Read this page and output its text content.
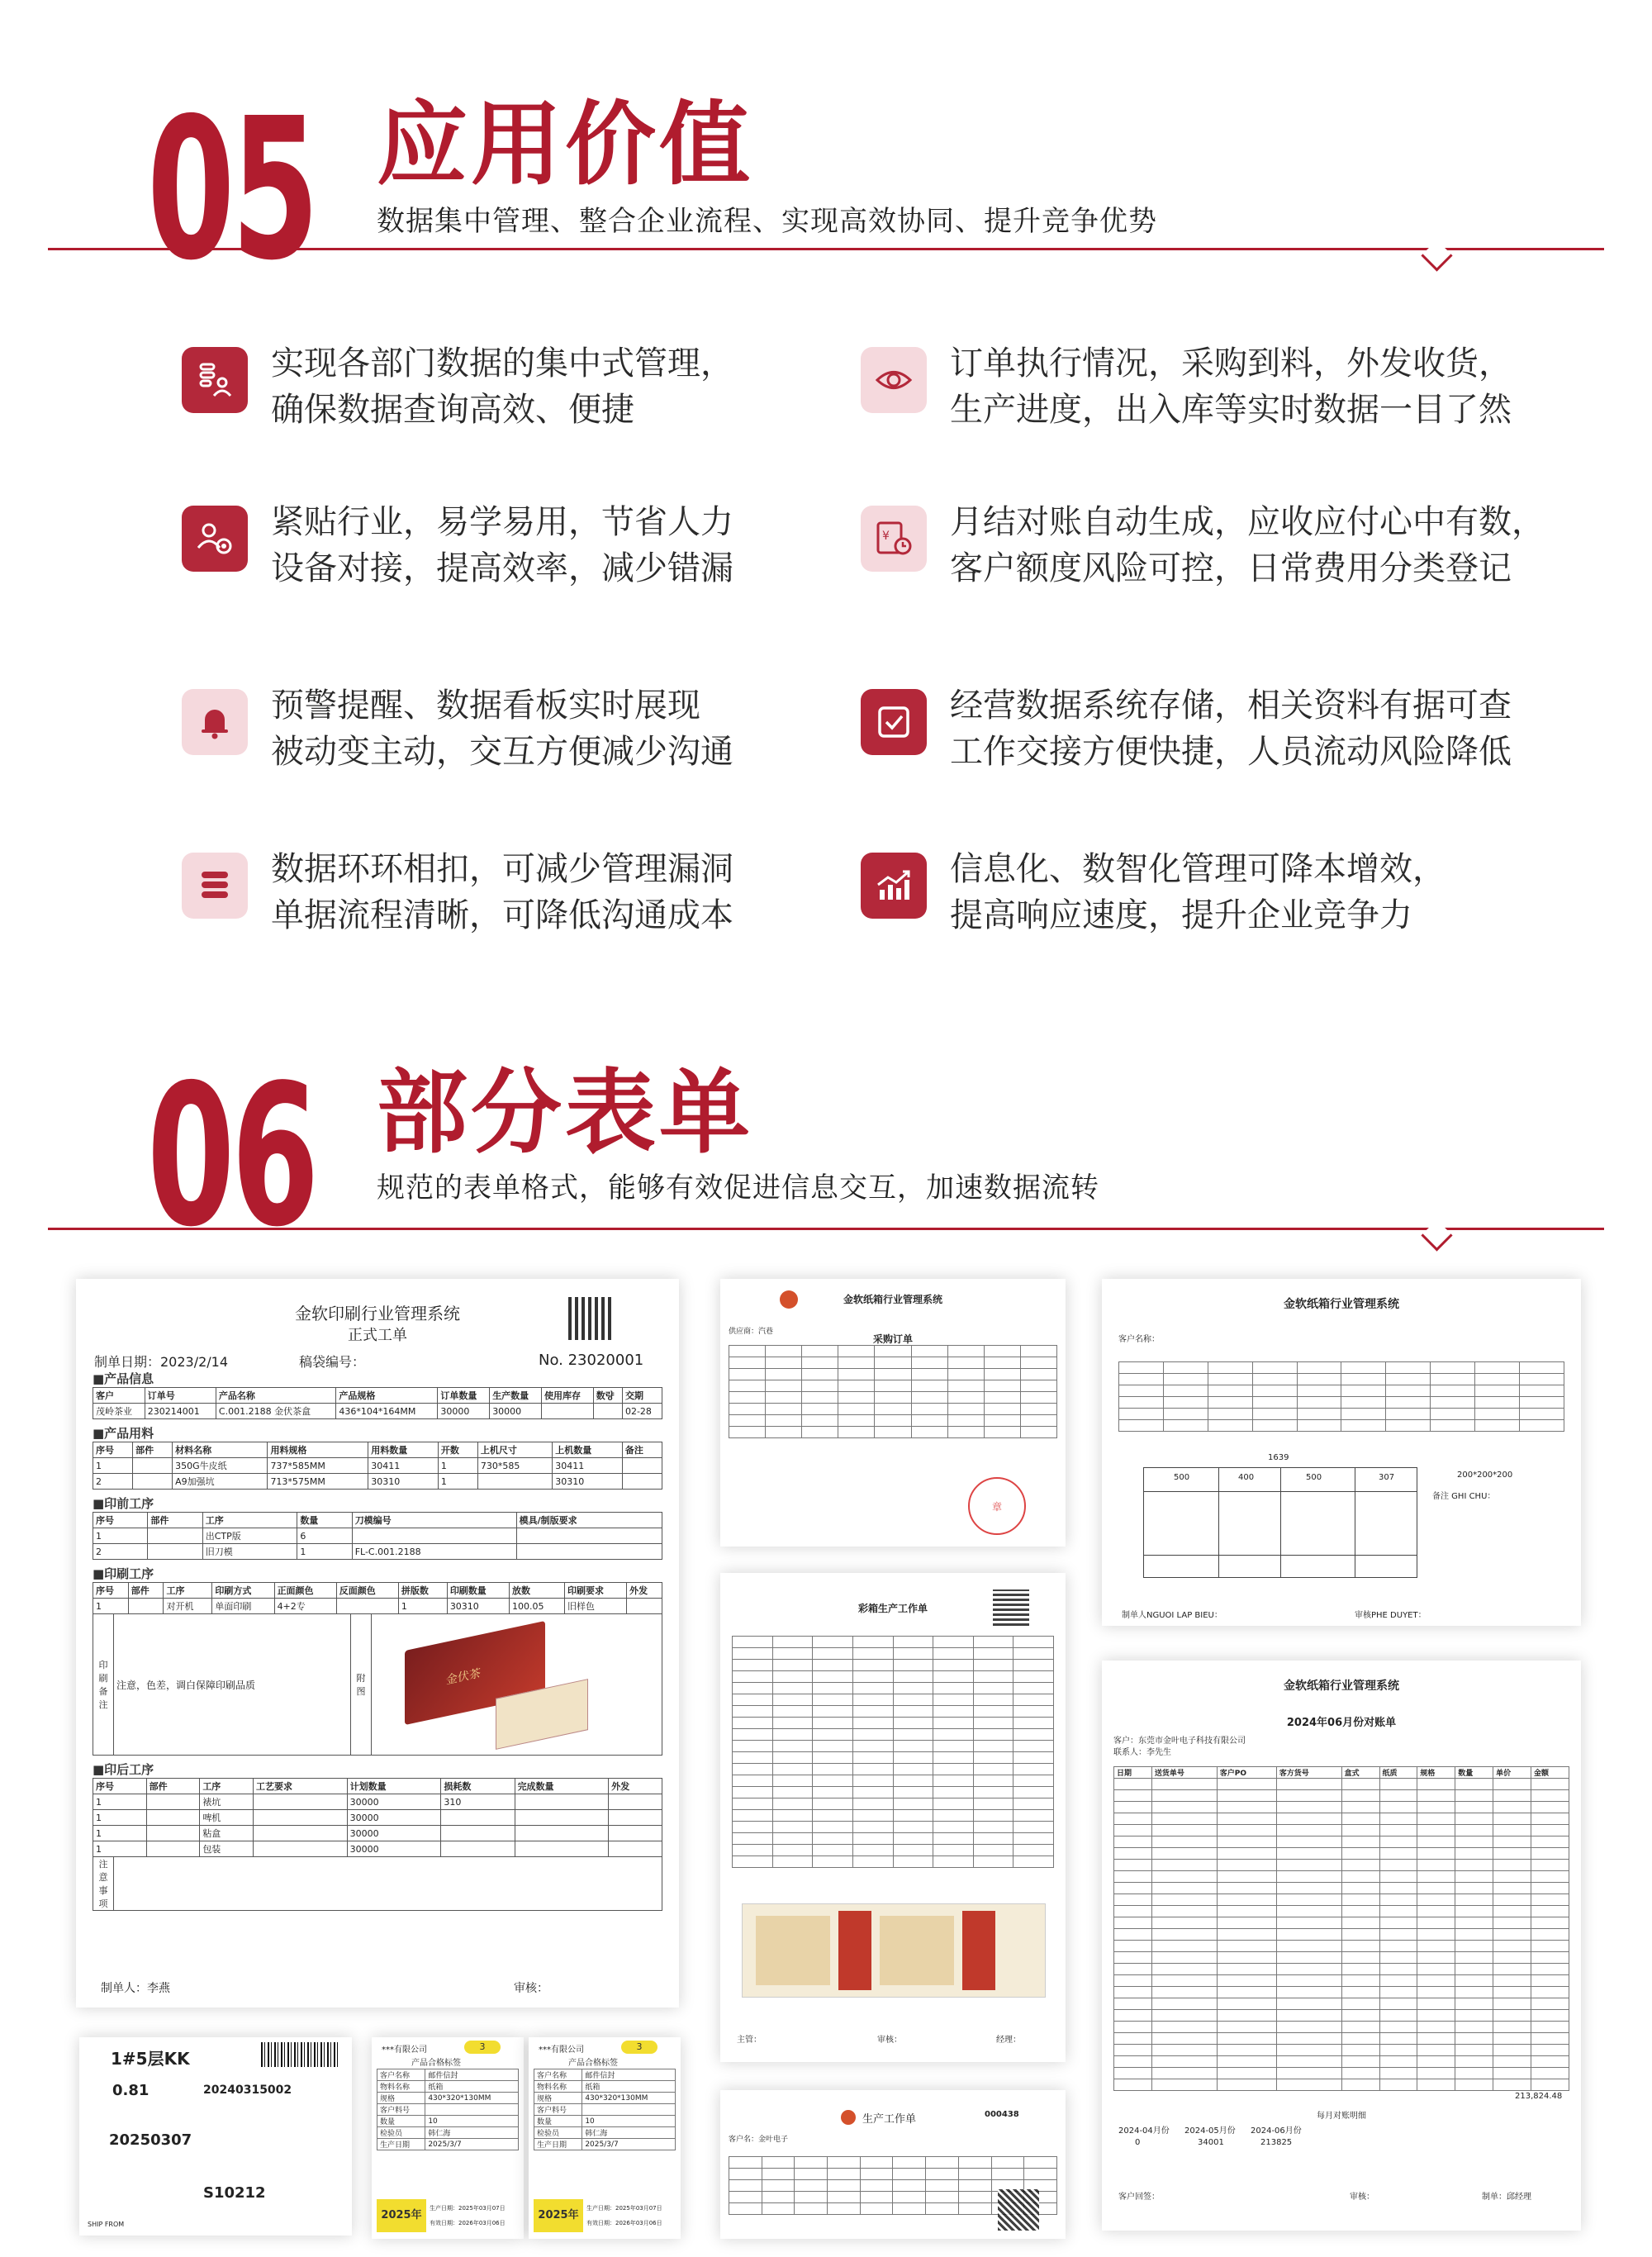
05 应用价值
数据集中管理、整合企业流程、实现高效协同、提升竞争优势
实现各部门数据的集中式管理，
确保数据查询高效、便捷
订单执行情况，采购到料，外发收货，
生产进度，出入库等实时数据一目了然
紧贴行业，易学易用，节省人力
设备对接，提高效率，减少错漏
¥ 月结对账自动生成，应收应付心中有数，
客户额度风险可控，日常费用分类登记
预警提醒、数据看板实时展现
被动变主动，交互方便减少沟通
经营数据系统存储，相关资料有据可查
工作交接方便快捷，人员流动风险降低
数据环环相扣，可减少管理漏洞
单据流程清晰，可降低沟通成本
信息化、数智化管理可降本增效，
提高响应速度，提升企业竞争力
06 部分表单
规范的表单格式，能够有效促进信息交互，加速数据流转
金软印刷行业管理系统
正式工单
制单日期：2023/2/14	稿袋编号：	No. 23020001
■产品信息
客户	订单号	产品名称	产品规格	订单数量	生产数量	使用库存	数량	交期
茂岭茶业	230214001	C.001.2188 金伏茶盒	436*104*164MM	30000	30000			02-28
■产品用料
序号	部件	材料名称	用料规格	用料数量	开数	上机尺寸	上机数量	备注
1		350G牛皮纸	737*585MM	30411	1	730*585	30411	
2		A9加强坑	713*575MM	30310	1		30310	
■印前工序
序号	部件	工序	数量	刀模编号	模具/制版要求
1		出CTP版	6		
2		旧刀模	1	FL-C.001.2188	
■印刷工序
序号	部件	工序	印刷方式	正面颜色	反面颜色	拼版数	印刷数量	放数	印刷要求	外发
1		对开机	单面印刷	4+2专		1	30310	100.05	旧样色	
印刷备注	注意，色差，调白保障印刷品质	附图	
金伏茶
■印后工序
序号	部件	工序	工艺要求	计划数量	损耗数	完成数量	外发
1		裱坑		30000	310		
1		啤机		30000			
1		粘盒		30000			
1		包装		30000			
注意事项	
制单人：李燕	审核：
金软纸箱行业管理系统
采购订单
供应商：汽巷

章
金软纸箱行业管理系统
客户名称：

1639
500	400	500	307	200*200*200
备注 GHI CHU：
制单人NGUOI LAP BIEU：	审核PHE DUYET：
彩箱生产工作单

主管：	审核：	经理：
金软纸箱行业管理系统
2024年06月份对账单
客户：东莞市金叶电子科技有限公司
联系人：李先生
日期	送货单号	客户PO	客方货号	盒式	纸质	规格	数量	单价	金额

213,824.48
每月对账明细
2024-04月份 2024-05月份 2024-06月份
0	34001	213825
客户回签：	审核：	制单：邱经理
1#5层KK
0.81	20240315002
20250307
S10212
SHIP FROM
***有限公司	3
产品合格标签
客户名称	邮件信封
物料名称	纸箱
规格	430*320*130MM
客户料号	
数量	10
检验员	韩仁海
生产日期	2025/3/7
2025年
生产日期：2025年03月07日
有效日期：2026年03月06日
***有限公司	3
产品合格标签
客户名称	邮件信封
物料名称	纸箱
规格	430*320*130MM
客户料号	
数量	10
检验员	韩仁海
生产日期	2025/3/7
2025年
生产日期：2025年03月07日
有效日期：2026年03月06日
生产工作单
客户名：金叶电子
000438
